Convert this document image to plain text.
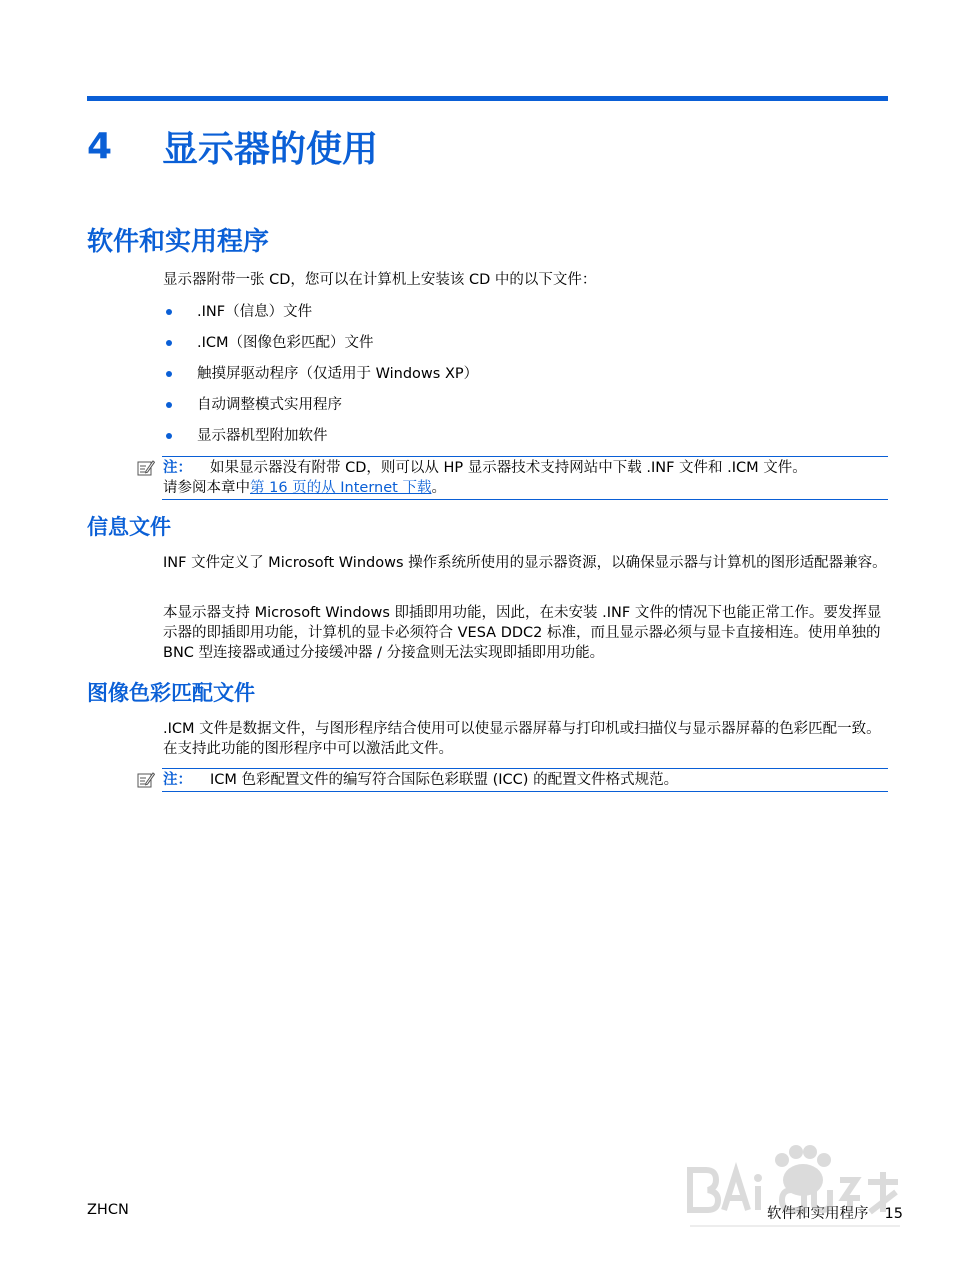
4	显示器的使用
软件和实用程序

显示器附带一张 CD，您可以在计算机上安装该 CD 中的以下文件：

.INF（信息）文件
.ICM（图像色彩匹配）文件
触摸屏驱动程序（仅适用于 Windows XP）
自动调整模式实用程序
显示器机型附加软件
注： 如果显示器没有附带 CD，则可以从 HP 显示器技术支持网站中下载 .INF 文件和 .ICM 文件。
请参阅本章中第 16 页的从 Internet 下载。
信息文件

INF 文件定义了 Microsoft Windows 操作系统所使用的显示器资源，以确保显示器与计算机的图形适配器兼容。

本显示器支持 Microsoft Windows 即插即用功能，因此，在未安装 .INF 文件的情况下也能正常工作。要发挥显示器的即插即用功能，计算机的显卡必须符合 VESA DDC2 标准，而且显示器必须与显卡直接相连。使用单独的 BNC 型连接器或通过分接缓冲器 / 分接盒则无法实现即插即用功能。

图像色彩匹配文件

.ICM 文件是数据文件，与图形程序结合使用可以使显示器屏幕与打印机或扫描仪与显示器屏幕的色彩匹配一致。在支持此功能的图形程序中可以激活此文件。

注： ICM 色彩配置文件的编写符合国际色彩联盟 (ICC) 的配置文件格式规范。
ZHCN	软件和实用程序 15
